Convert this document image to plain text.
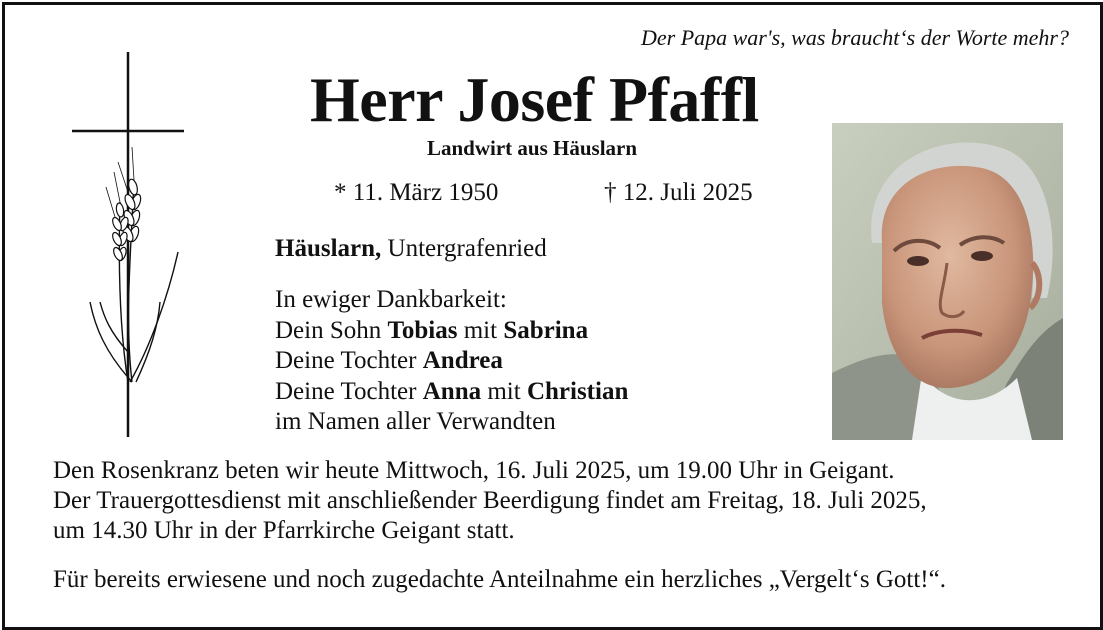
Der Papa war's, was braucht‘s der Worte mehr?
Herr Josef Pfaffl
Landwirt aus Häuslarn
* 11. März 1950	† 12. Juli 2025
Häuslarn, Untergrafenried
In ewiger Dankbarkeit:
Dein Sohn Tobias mit Sabrina
Deine Tochter Andrea
Deine Tochter Anna mit Christian
im Namen aller Verwandten
Den Rosenkranz beten wir heute Mittwoch, 16. Juli 2025, um 19.00 Uhr in Geigant.
Der Trauergottesdienst mit anschließender Beerdigung findet am Freitag, 18. Juli 2025,
um 14.30 Uhr in der Pfarrkirche Geigant statt.
Für bereits erwiesene und noch zugedachte Anteilnahme ein herzliches „Vergelt‘s Gott!“.
